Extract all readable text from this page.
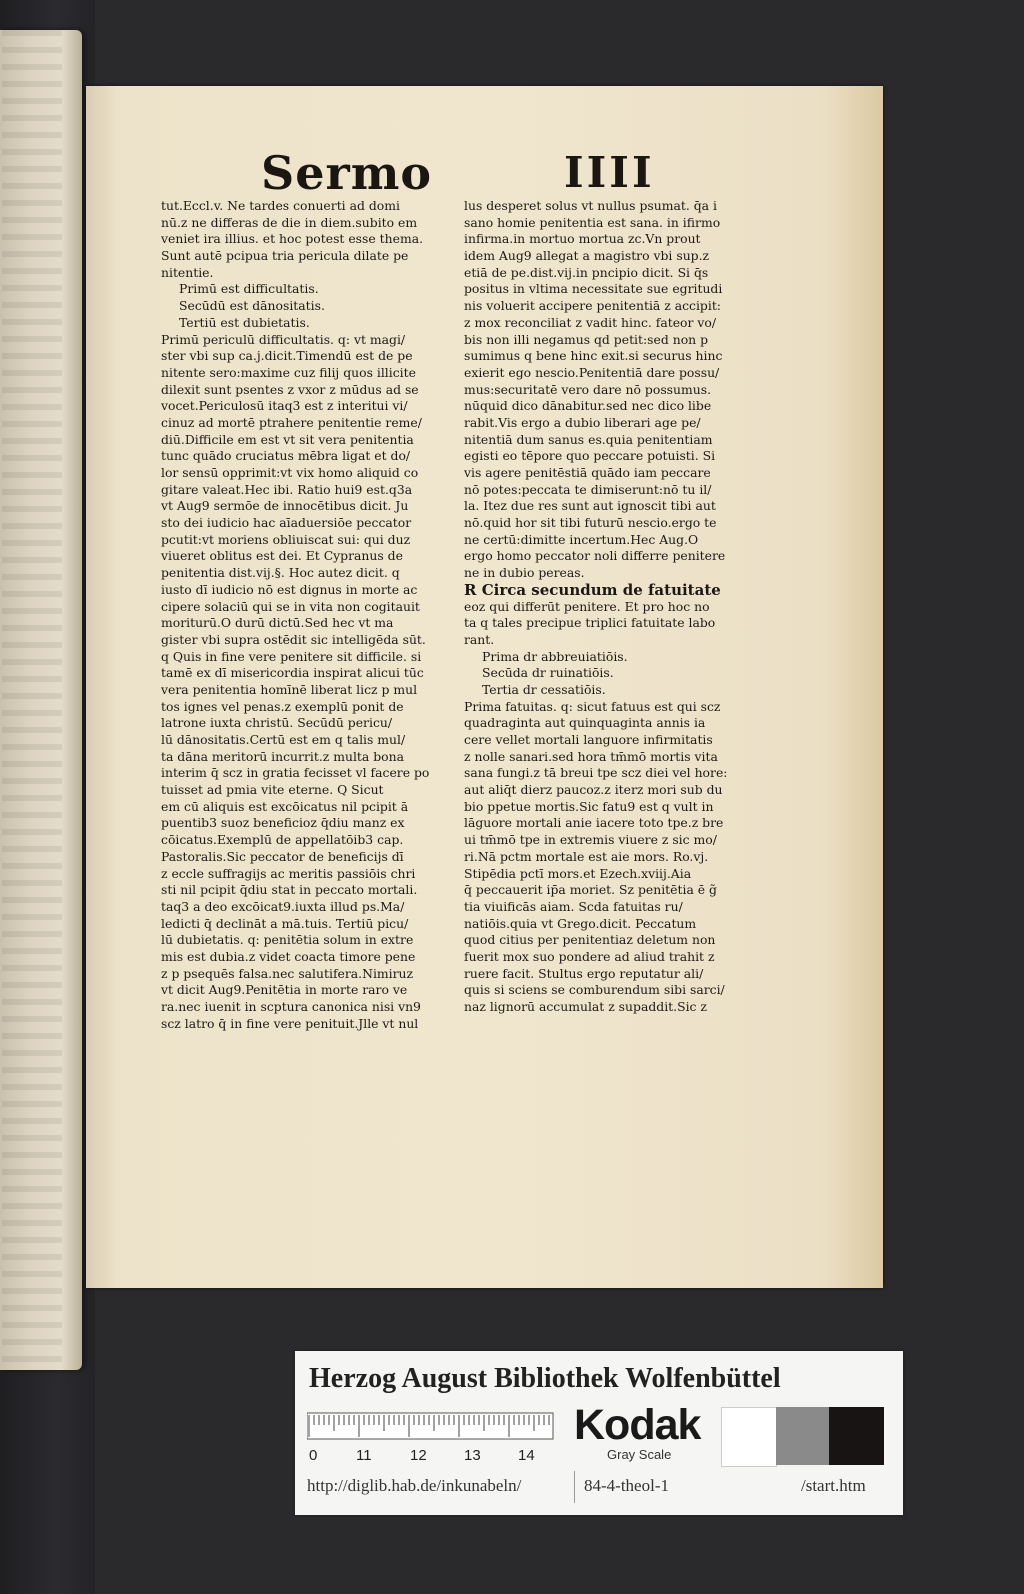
Sermo	IIII
tut.Eccl.v. Ne tardes conuerti ad domi
nū.z ne differas de die in diem.subito em
veniet ira illius. et hoc potest esse thema.
Sunt autē pcipua tria pericula dilate pe
nitentie.
Primū est difficultatis.
Secūdū est dānositatis.
Tertiū est dubietatis.
Primū periculū difficultatis. q: vt magi/
ster vbi sup ca.j.dicit.Timendū est de pe
nitente sero:maxime cuz filij quos illicite
dilexit sunt psentes z vxor z mūdus ad se
vocet.Periculosū itaq3 est z interitui vi/
cinuz ad mortē ptrahere penitentie reme/
diū.Difficile em est vt sit vera penitentia
tunc quādo cruciatus mēbra ligat et do/
lor sensū opprimit:vt vix homo aliquid co
gitare valeat.Hec ibi. Ratio hui9 est.q3a
vt Aug9 sermōe de innocētibus dicit. Ju
sto dei iudicio hac aīaduersiōe peccator
pcutit:vt moriens obliuiscat sui: qui duz
viueret oblitus est dei. Et Cypranus de
penitentia dist.vij.§. Hoc autez dicit. q
iusto dī iudicio nō est dignus in morte ac
cipere solaciū qui se in vita non cogitauit
moriturū.O durū dictū.Sed hec vt ma
gister vbi supra ostēdit sic intelligēda sūt.
q Quis in fine vere penitere sit difficile. si
tamē ex dī misericordia inspirat alicui tūc
vera penitentia homīnē liberat licz p mul
tos ignes vel penas.z exemplū ponit de
latrone iuxta christū. Secūdū pericu/
lū dānositatis.Certū est em q talis mul/
ta dāna meritorū incurrit.z multa bona
interim q̄ scz in gratia fecisset vl facere po
tuisset ad pmia vite eterne. Q Sicut
em cū aliquis est excōicatus nil pcipit ā
puentib3 suoz beneficioz q̄diu manz ex
cōicatus.Exemplū de appellatōib3 cap.
Pastoralis.Sic peccator de beneficijs dī
z eccle suffragijs ac meritis passiōis chri
sti nil pcipit q̄diu stat in peccato mortali.
taq3 a deo excōicat9.iuxta illud ps.Ma/
ledicti q̄ declināt a mā.tuis. Tertiū picu/
lū dubietatis. q: penitētia solum in extre
mis est dubia.z videt coacta timore pene
z p psequēs falsa.nec salutifera.Nimiruz
vt dicit Aug9.Penitētia in morte raro ve
ra.nec iuenit in scptura canonica nisi vn9
scz latro q̄ in fine vere penituit.Jlle vt nul
lus desperet solus vt nullus psumat. q̄a i
sano homie penitentia est sana. in ifirmo
infirma.in mortuo mortua zc.Vn prout
idem Aug9 allegat a magistro vbi sup.z
etiā de pe.dist.vij.in pncipio dicit. Si q̄s
positus in vltima necessitate sue egritudi
nis voluerit accipere penitentiā z accipit:
z mox reconciliat z vadit hinc. fateor vo/
bis non illi negamus qd petit:sed non p
sumimus q bene hinc exit.si securus hinc
exierit ego nescio.Penitentiā dare possu/
mus:securitatē vero dare nō possumus.
nūquid dico dānabitur.sed nec dico libe
rabit.Vis ergo a dubio liberari age pe/
nitentiā dum sanus es.quia penitentiam
egisti eo tēpore quo peccare potuisti. Si
vis agere penitēstiā quādo iam peccare
nō potes:peccata te dimiserunt:nō tu il/
la. Itez due res sunt aut ignoscit tibi aut
nō.quid hor sit tibi futurū nescio.ergo te
ne certū:dimitte incertum.Hec Aug.O
ergo homo peccator noli differre penitere
ne in dubio pereas.
R Circa secundum de fatuitate
eoz qui differūt penitere. Et pro hoc no
ta q tales precipue triplici fatuitate labo
rant.
Prima dr abbreuiatiōis.
Secūda dr ruinatiōis.
Tertia dr cessatiōis.
Prima fatuitas. q: sicut fatuus est qui scz
quadraginta aut quinquaginta annis ia
cere vellet mortali languore infirmitatis
z nolle sanari.sed hora tm̄mō mortis vita
sana fungi.z tā breui tpe scz diei vel hore:
aut aliq̄t dierz paucoz.z iterz mori sub du
bio ppetue mortis.Sic fatu9 est q vult in
lāguore mortali anie iacere toto tpe.z bre
ui tm̄mō tpe in extremis viuere z sic mo/
ri.Nā pctm mortale est aie mors. Ro.vj.
Stipēdia pctī mors.et Ezech.xviij.Aia
q̄ peccauerit ip̄a moriet. Sz penitētia ē g̃
tia viuificās aiam. Scda fatuitas ru/
natiōis.quia vt Grego.dicit. Peccatum
quod citius per penitentiaz deletum non
fuerit mox suo pondere ad aliud trahit z
ruere facit. Stultus ergo reputatur ali/
quis si sciens se comburendum sibi sarci/
naz lignorū accumulat z supaddit.Sic z
Herzog August Bibliothek Wolfenbüttel
0	11	12 13 14
Kodak
Gray Scale
http://diglib.hab.de/inkunabeln/	84-4-theol-1	/start.htm
